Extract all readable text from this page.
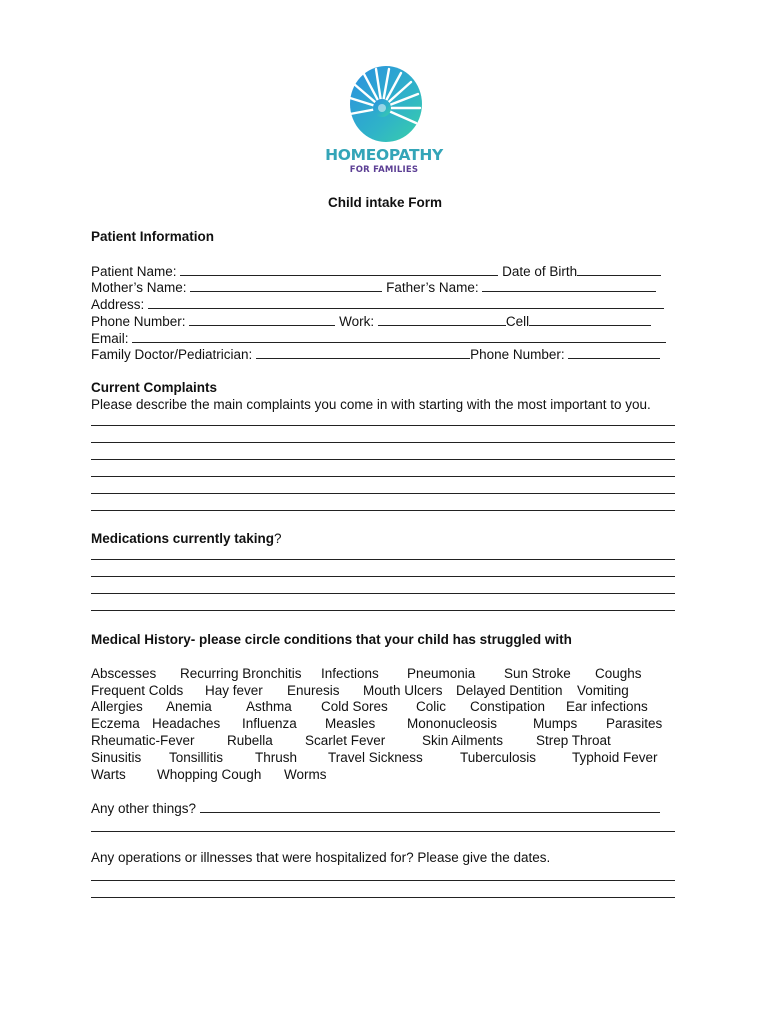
HOMEOPATHY
FOR FAMILIES
Child intake Form
Patient Information
Patient Name:	Date of Birth
Mother’s Name:	Father’s Name:
Address:
Phone Number:	Work:	Cell
Email:
Family Doctor/Pediatrician:	Phone Number:
Current Complaints
Please describe the main complaints you come in with starting with the most important to you.
Medications currently taking?
Medical History- please circle conditions that your child has struggled with
Abscesses Recurring Bronchitis Infections Pneumonia Sun Stroke Coughs
Frequent Colds Hay fever Enuresis Mouth Ulcers Delayed Dentition Vomiting
Allergies Anemia	Asthma Cold Sores Colic Constipation Ear infections
Eczema Headaches Influenza Measles Mononucleosis	Mumps Parasites
Rheumatic-Fever Rubella Scarlet Fever	Skin Ailments Strep Throat
Sinusitis Tonsillitis Thrush Travel Sickness	Tuberculosis	Typhoid Fever
Warts Whopping Cough Worms
Any other things?
Any operations or illnesses that were hospitalized for? Please give the dates.
